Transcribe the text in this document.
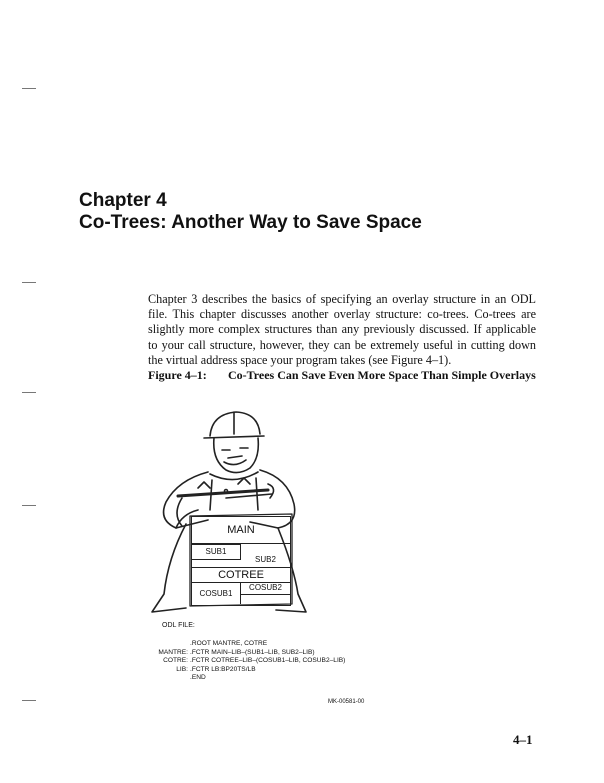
Chapter 4
Co-Trees: Another Way to Save Space

Chapter 3 describes the basics of specifying an overlay structure in an ODL file. This chapter discusses another overlay structure: co-trees. Co-trees are slightly more complex structures than any previously discussed. If applicable to your call structure, however, they can be extremely useful in cutting down the virtual address space your program takes (see Figure 4–1).

Figure 4–1: Co-Trees Can Save Even More Space Than Simple Overlays
MAIN
SUB1
SUB2
COTREE
COSUB1
COSUB2
ODL FILE:
.ROOT MANTRE, COTRE
MANTRE: .FCTR MAIN–LIB–(SUB1–LIB, SUB2–LIB)
COTRE: .FCTR COTREE–LIB–(COSUB1–LIB, COSUB2–LIB)
LIB: .FCTR LB:BP20TS/LB
.END
MK-00581-00
4–1
